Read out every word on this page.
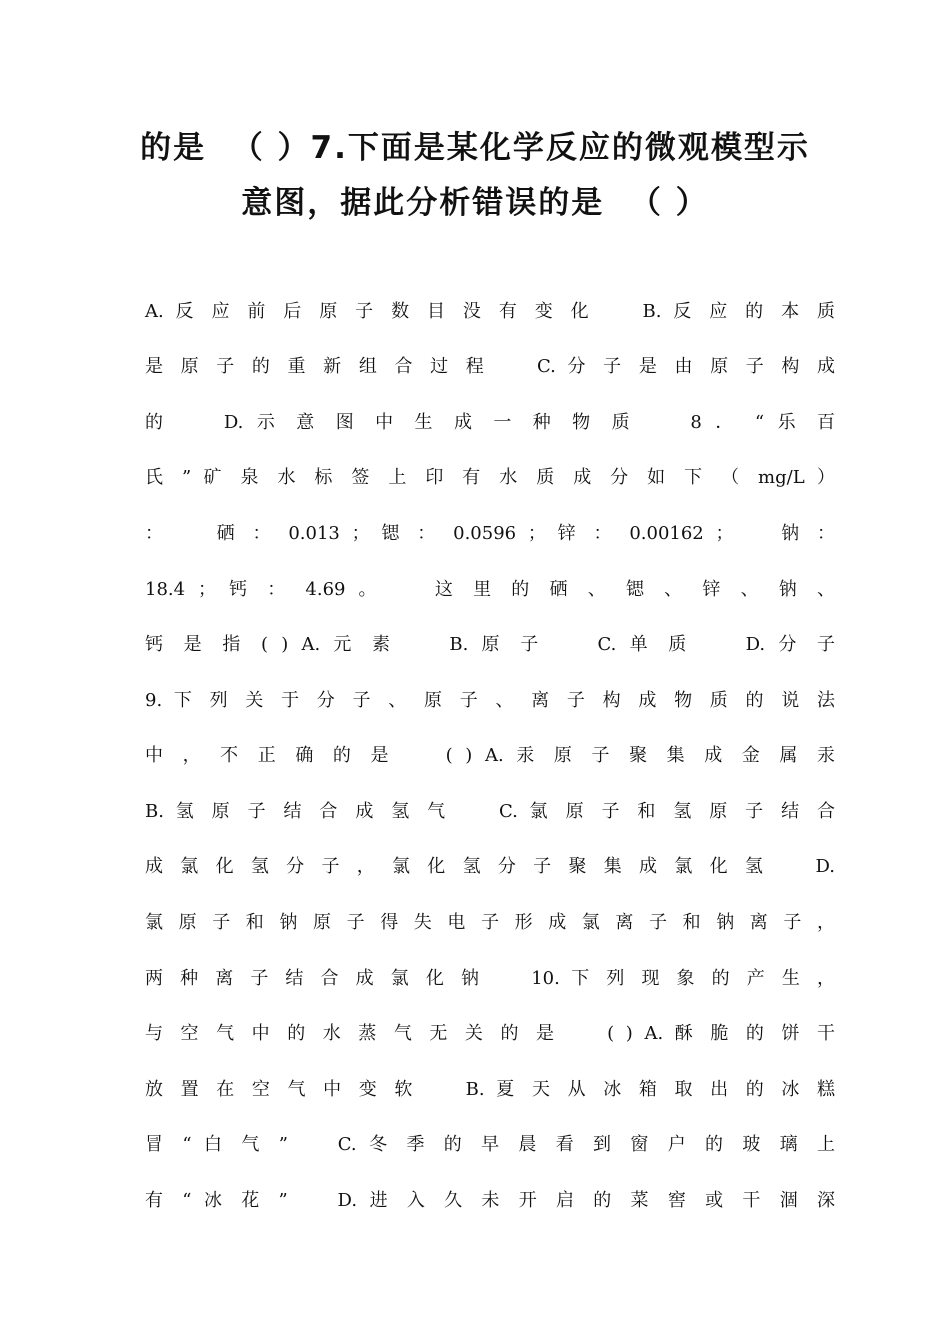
的是  （ ）7.下面是某化学反应的微观模型示
意图，据此分析错误的是  （ ）
A. 反 应 前 后 原 子 数 目 没 有 变 化 　 B. 反 应 的 本 质
是 原 子 的 重 新 组 合 过 程 　 C. 分 子 是 由 原 子 构 成
的 　 D. 示 意 图 中 生 成 一 种 物 质 　 8 ． “ 乐 百
氏 ” 矿 泉 水 标 签 上 印 有 水 质 成 分 如 下 （ mg/L ）
： 　 硒 ： 0.013 ； 锶 ： 0.0596 ； 锌 ： 0.00162 ； 　 钠 ：
18.4 ； 钙 ： 4.69 。 　 这 里 的 硒 、 锶 、 锌 、 钠 、
钙 是 指 ( ) A. 元 素 　 B. 原 子 　 C. 单 质 　 D. 分 子
9. 下 列 关 于 分 子 、 原 子 、 离 子 构 成 物 质 的 说 法
中 ， 不 正 确 的 是 　 ( ) A. 汞 原 子 聚 集 成 金 属 汞
B. 氢 原 子 结 合 成 氢 气 　 C. 氯 原 子 和 氢 原 子 结 合
成 氯 化 氢 分 子 ， 氯 化 氢 分 子 聚 集 成 氯 化 氢 　 D.
氯 原 子 和 钠 原 子 得 失 电 子 形 成 氯 离 子 和 钠 离 子 ，
两 种 离 子 结 合 成 氯 化 钠 　 10. 下 列 现 象 的 产 生 ，
与 空 气 中 的 水 蒸 气 无 关 的 是 　 ( ) A. 酥 脆 的 饼 干
放 置 在 空 气 中 变 软 　 B. 夏 天 从 冰 箱 取 出 的 冰 糕
冒 “ 白 气 ” 　 C. 冬 季 的 早 晨 看 到 窗 户 的 玻 璃 上
有 “ 冰 花 ” 　 D. 进 入 久 未 开 启 的 菜 窖 或 干 涸 深
